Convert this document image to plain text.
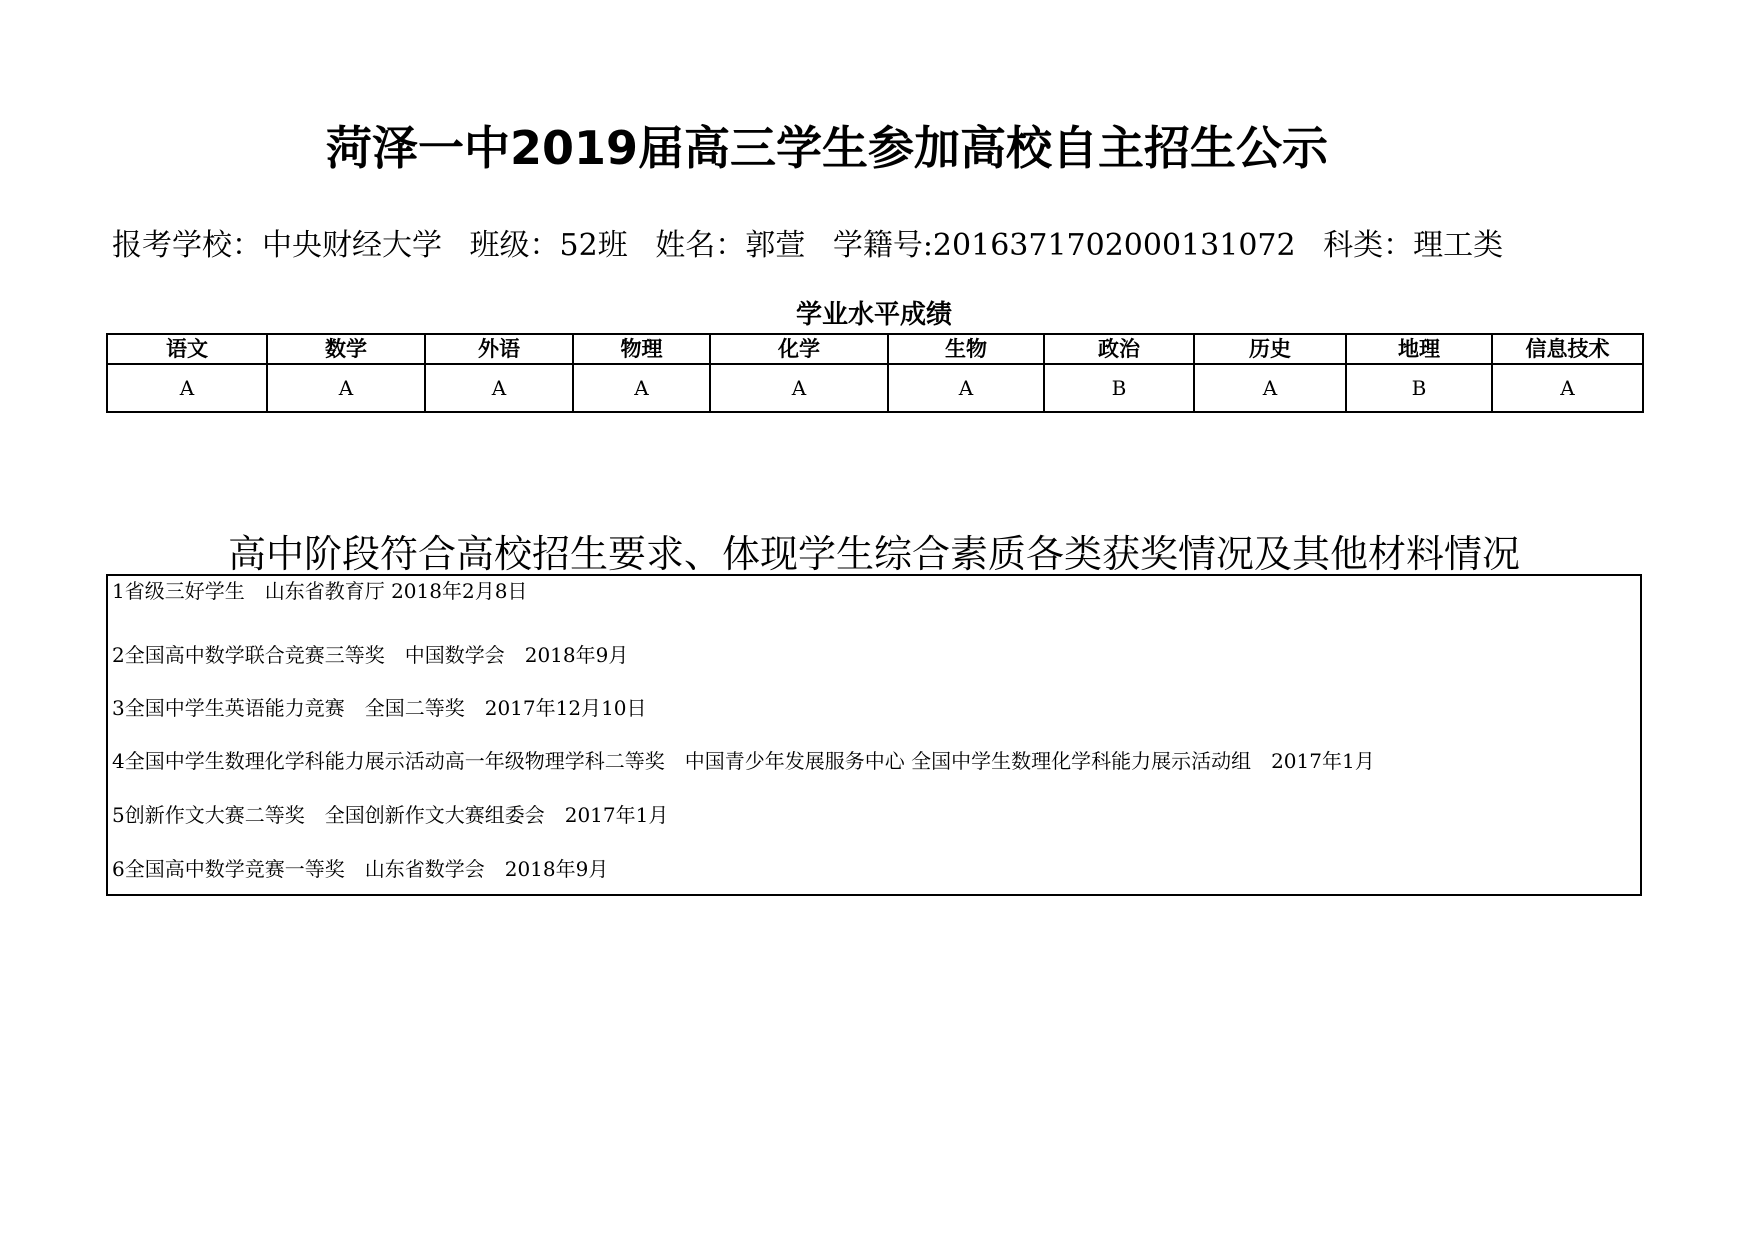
菏泽一中2019届高三学生参加高校自主招生公示
报考学校：中央财经大学 班级：52班 姓名：郭萱 学籍号:2016371702000131072 科类：理工类
学业水平成绩
语文	数学	外语	物理	化学	生物	政治	历史	地理	信息技术
A	A	A	A	A	A	B	A	B	A
高中阶段符合高校招生要求、体现学生综合素质各类获奖情况及其他材料情况
1省级三好学生　山东省教育厅 2018年2月8日
2全国高中数学联合竞赛三等奖　中国数学会　2018年9月
3全国中学生英语能力竞赛　全国二等奖　2017年12月10日
4全国中学生数理化学科能力展示活动高一年级物理学科二等奖　中国青少年发展服务中心 全国中学生数理化学科能力展示活动组　2017年1月
5创新作文大赛二等奖　全国创新作文大赛组委会　2017年1月
6全国高中数学竞赛一等奖　山东省数学会　2018年9月
